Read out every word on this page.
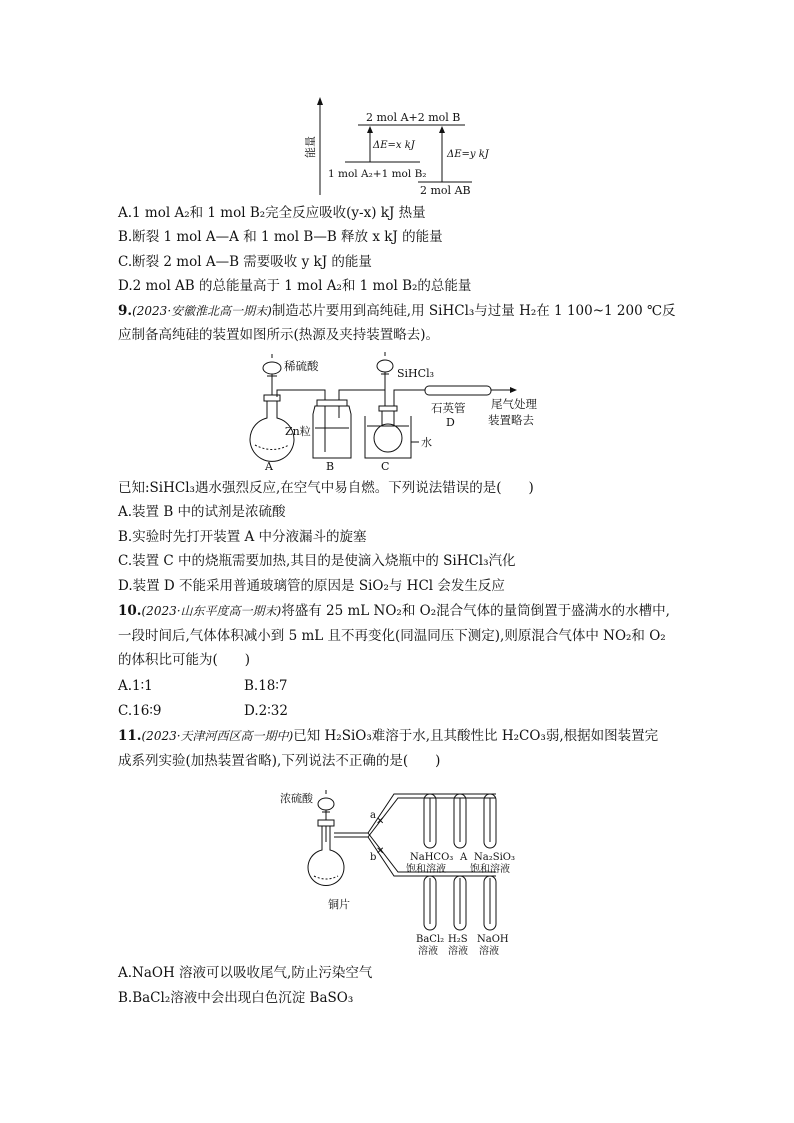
能量
2 mol A+2 mol B
1 mol A₂+1 mol B₂
2 mol AB
ΔE=x kJ
ΔE=y kJ
A.1 mol A₂和 1 mol B₂完全反应吸收(y-x) kJ 热量
B.断裂 1 mol A—A 和 1 mol B—B 释放 x kJ 的能量
C.断裂 2 mol A—B 需要吸收 y kJ 的能量
D.2 mol AB 的总能量高于 1 mol A₂和 1 mol B₂的总能量
9.(2023·安徽淮北高一期末)制造芯片要用到高纯硅,用 SiHCl₃与过量 H₂在 1 100~1 200 ℃反
应制备高纯硅的装置如图所示(热源及夹持装置略去)。
稀硫酸
Zn粒
A	B
SiHCl₃
水
C
石英管
D
尾气处理
装置略去
已知:SiHCl₃遇水强烈反应,在空气中易自燃。下列说法错误的是(　　)
A.装置 B 中的试剂是浓硫酸
B.实验时先打开装置 A 中分液漏斗的旋塞
C.装置 C 中的烧瓶需要加热,其目的是使滴入烧瓶中的 SiHCl₃汽化
D.装置 D 不能采用普通玻璃管的原因是 SiO₂与 HCl 会发生反应
10.(2023·山东平度高一期末)将盛有 25 mL NO₂和 O₂混合气体的量筒倒置于盛满水的水槽中,
一段时间后,气体体积减小到 5 mL 且不再变化(同温同压下测定),则原混合气体中 NO₂和 O₂
的体积比可能为(　　)
A.1∶1	B.18∶7
C.16∶9	D.2∶32
11.(2023·天津河西区高一期中)已知 H₂SiO₃难溶于水,且其酸性比 H₂CO₃弱,根据如图装置完
成系列实验(加热装置省略),下列说法不正确的是(　　)
浓硫酸
铜片
a
b
✕
✕
NaHCO₃ A Na₂SiO₃
饱和溶液 饱和溶液
BaCl₂ H₂S NaOH
溶液 溶液 溶液
A.NaOH 溶液可以吸收尾气,防止污染空气
B.BaCl₂溶液中会出现白色沉淀 BaSO₃
